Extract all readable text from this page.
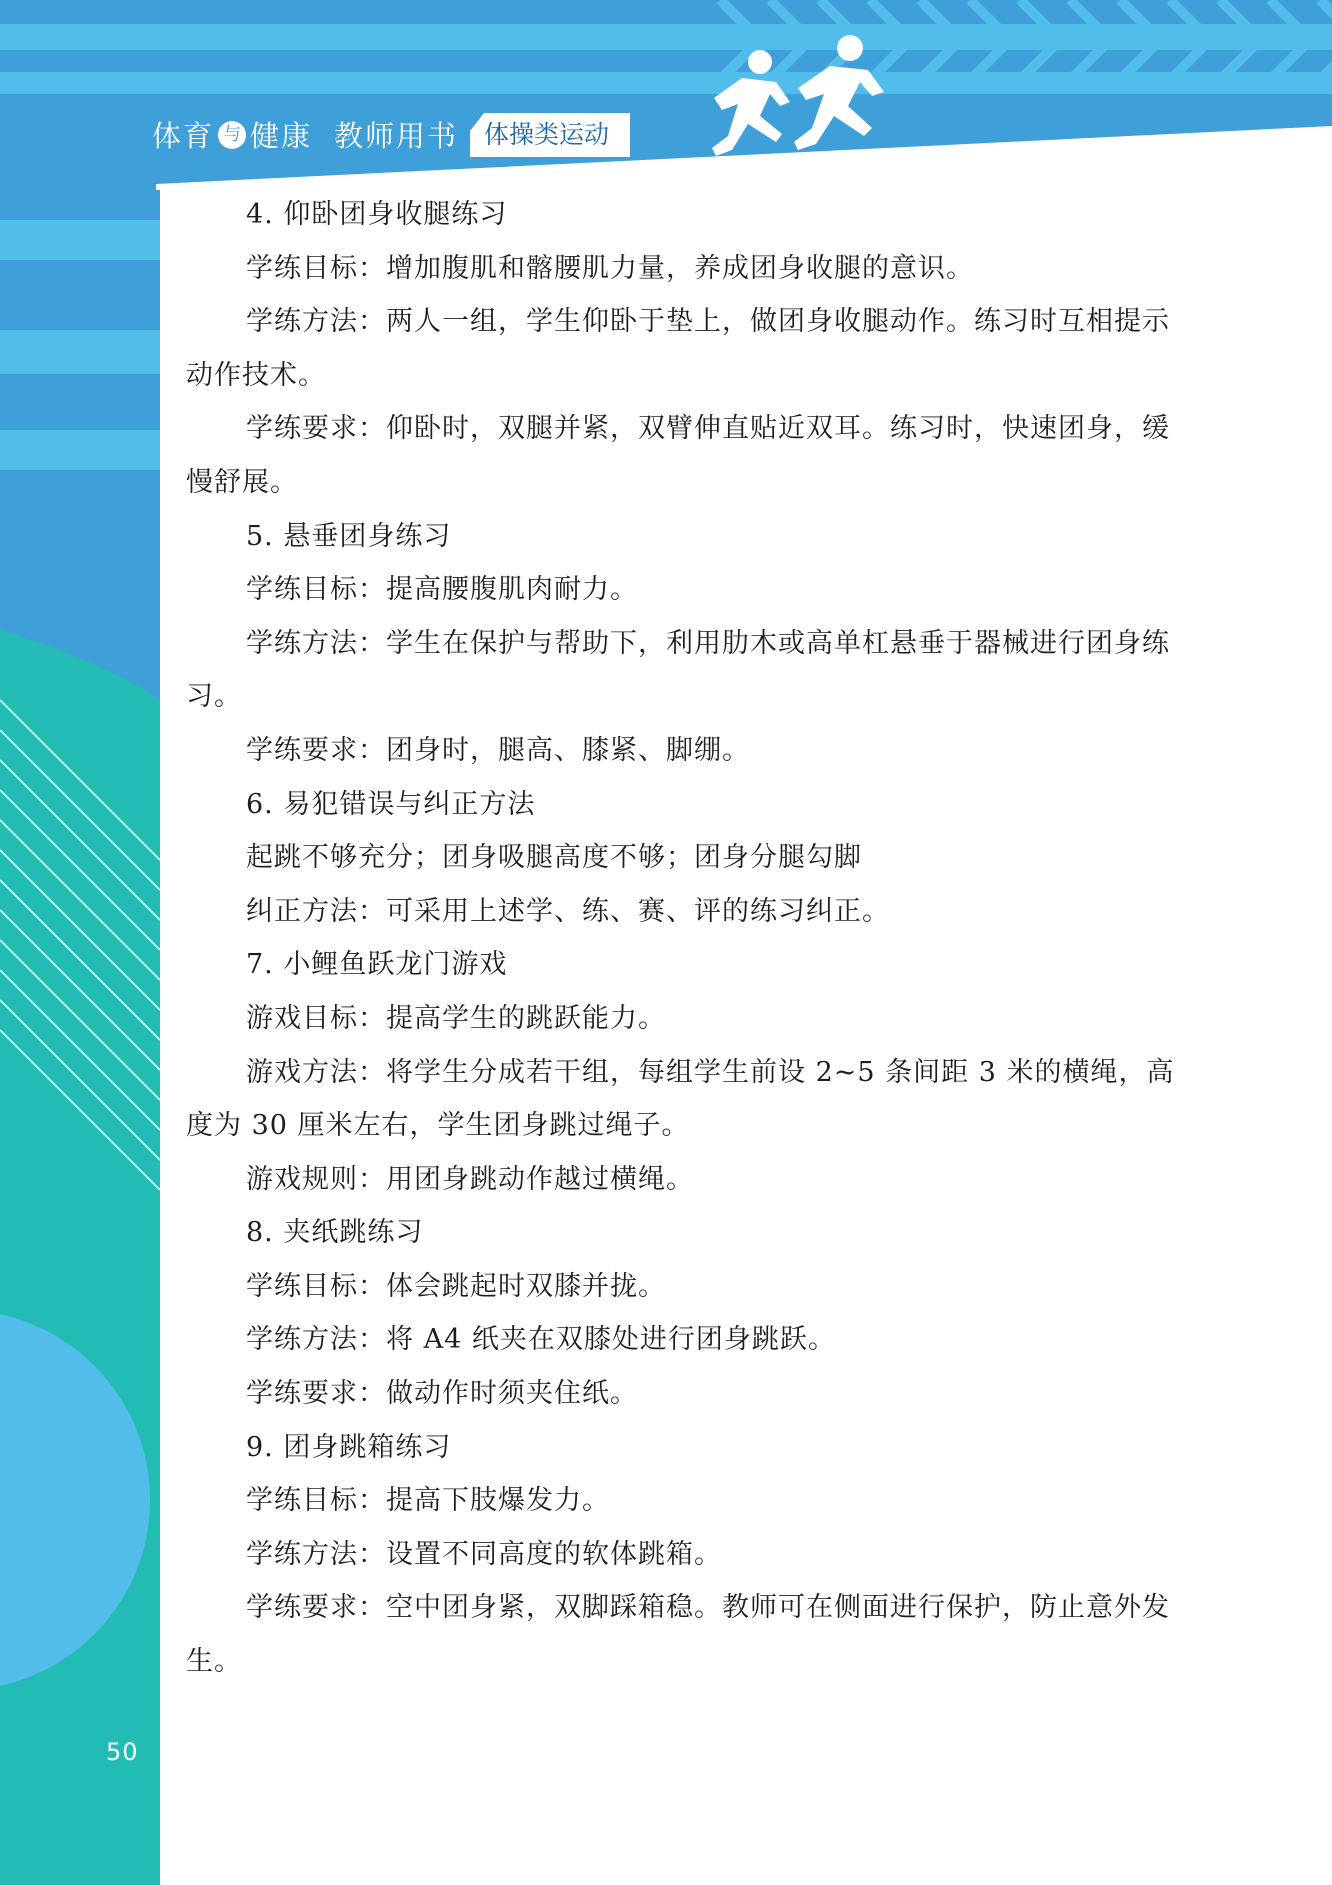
体育 与 健康 教师用书 体操类运动

4. 仰卧团身收腿练习

学练目标：增加腹肌和髂腰肌力量，养成团身收腿的意识。

学练方法：两人一组，学生仰卧于垫上，做团身收腿动作。练习时互相提示动作技术。

学练要求：仰卧时，双腿并紧，双臂伸直贴近双耳。练习时，快速团身，缓慢舒展。

5. 悬垂团身练习

学练目标：提高腰腹肌肉耐力。

学练方法：学生在保护与帮助下，利用肋木或高单杠悬垂于器械进行团身练习。

学练要求：团身时，腿高、膝紧、脚绷。

6. 易犯错误与纠正方法

起跳不够充分；团身吸腿高度不够；团身分腿勾脚

纠正方法：可采用上述学、练、赛、评的练习纠正。

7. 小鲤鱼跃龙门游戏

游戏目标：提高学生的跳跃能力。

游戏方法：将学生分成若干组，每组学生前设 2~5 条间距 3 米的横绳，高度为 30 厘米左右，学生团身跳过绳子。

游戏规则：用团身跳动作越过横绳。

8. 夹纸跳练习

学练目标：体会跳起时双膝并拢。

学练方法：将 A4 纸夹在双膝处进行团身跳跃。

学练要求：做动作时须夹住纸。

9. 团身跳箱练习

学练目标：提高下肢爆发力。

学练方法：设置不同高度的软体跳箱。

学练要求：空中团身紧，双脚踩箱稳。教师可在侧面进行保护，防止意外发生。

50
